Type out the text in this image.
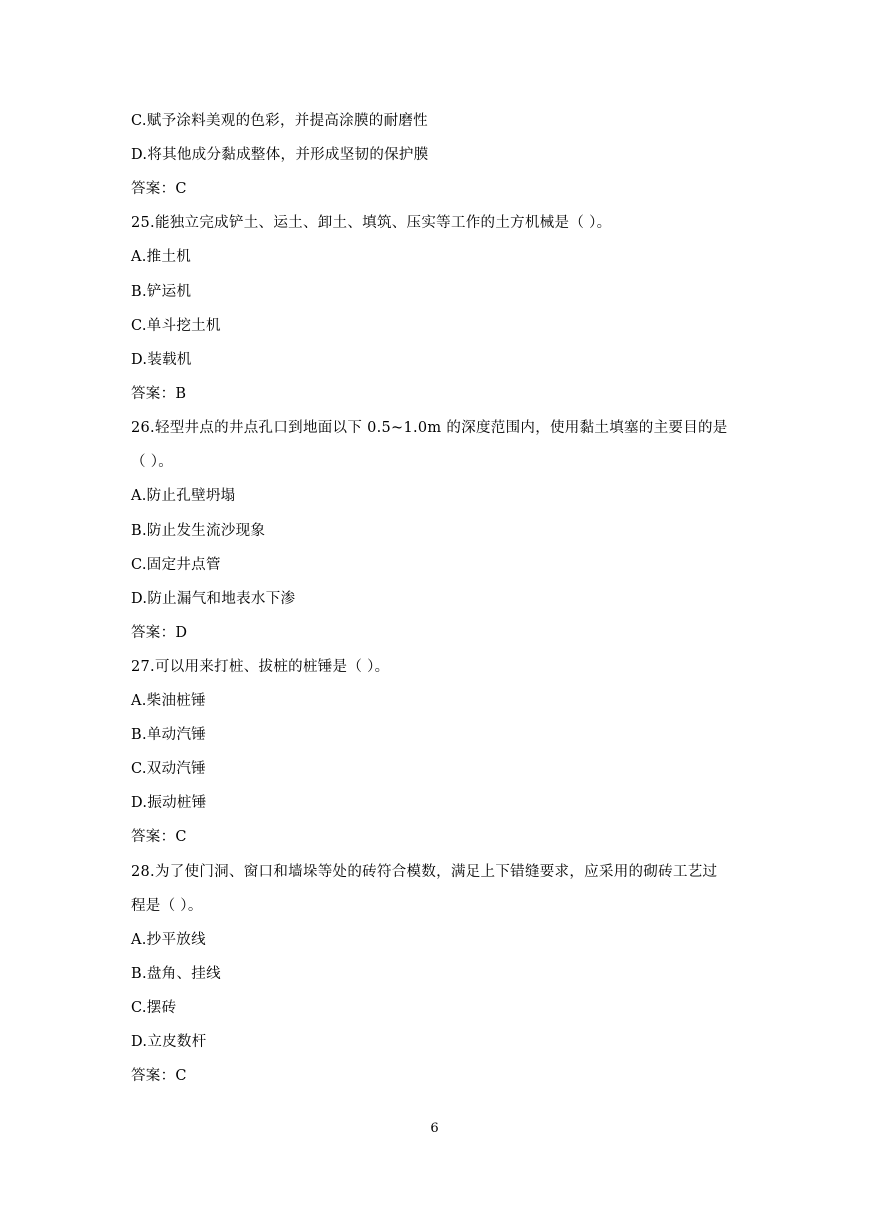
C.赋予涂料美观的色彩，并提高涂膜的耐磨性
D.将其他成分黏成整体，并形成坚韧的保护膜
答案：C
25.能独立完成铲土、运土、卸土、填筑、压实等工作的土方机械是（ ）。
A.推土机
B.铲运机
C.单斗挖土机
D.装载机
答案：B
26.轻型井点的井点孔口到地面以下 0.5~1.0m 的深度范围内，使用黏土填塞的主要目的是
（ ）。
A.防止孔壁坍塌
B.防止发生流沙现象
C.固定井点管
D.防止漏气和地表水下渗
答案：D
27.可以用来打桩、拔桩的桩锤是（ ）。
A.柴油桩锤
B.单动汽锤
C.双动汽锤
D.振动桩锤
答案：C
28.为了使门洞、窗口和墙垛等处的砖符合模数，满足上下错缝要求，应采用的砌砖工艺过
程是（ ）。
A.抄平放线
B.盘角、挂线
C.摆砖
D.立皮数杆
答案：C
6
